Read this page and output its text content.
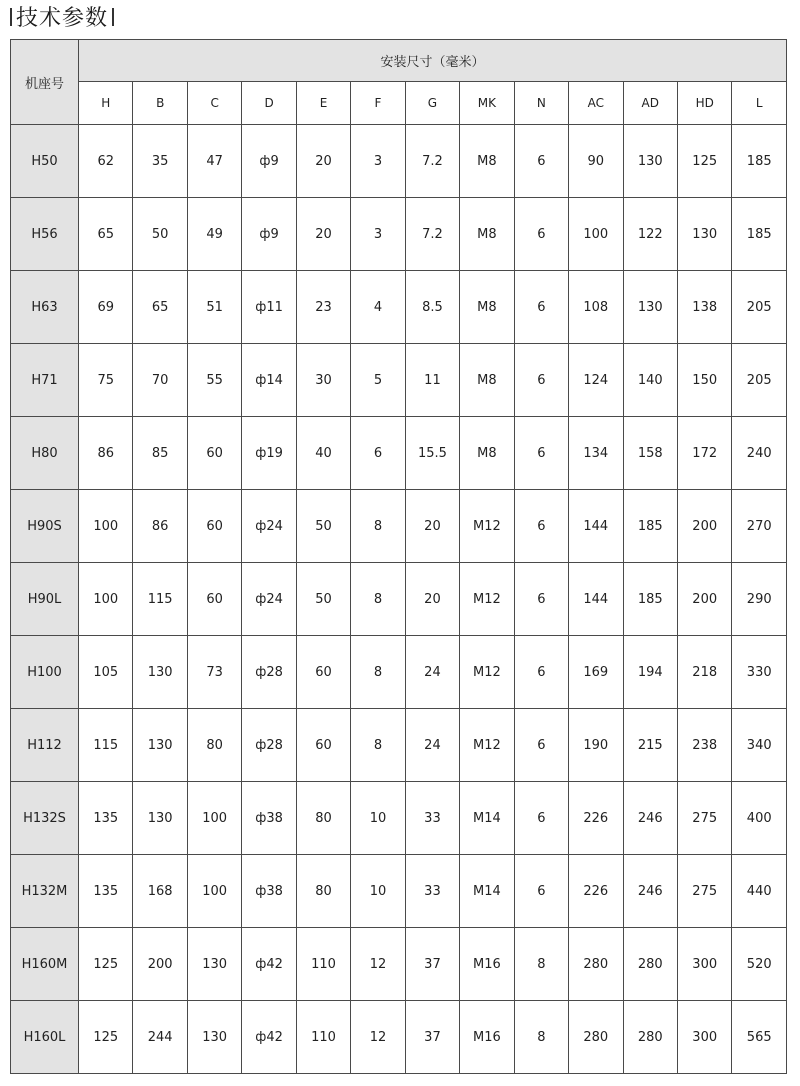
技术参数
机座号	安装尺寸（毫米）												
	H	B	C	D	E	F	G	MK	N	AC	AD	HD	L
H50	62	35	47	ф9	20	3	7.2	M8	6	90	130	125	185
H56	65	50	49	ф9	20	3	7.2	M8	6	100	122	130	185
H63	69	65	51	ф11	23	4	8.5	M8	6	108	130	138	205
H71	75	70	55	ф14	30	5	11	M8	6	124	140	150	205
H80	86	85	60	ф19	40	6	15.5	M8	6	134	158	172	240
H90S	100	86	60	ф24	50	8	20	M12	6	144	185	200	270
H90L	100	115	60	ф24	50	8	20	M12	6	144	185	200	290
H100	105	130	73	ф28	60	8	24	M12	6	169	194	218	330
H112	115	130	80	ф28	60	8	24	M12	6	190	215	238	340
H132S	135	130	100	ф38	80	10	33	M14	6	226	246	275	400
H132M	135	168	100	ф38	80	10	33	M14	6	226	246	275	440
H160M	125	200	130	ф42	110	12	37	M16	8	280	280	300	520
H160L	125	244	130	ф42	110	12	37	M16	8	280	280	300	565
